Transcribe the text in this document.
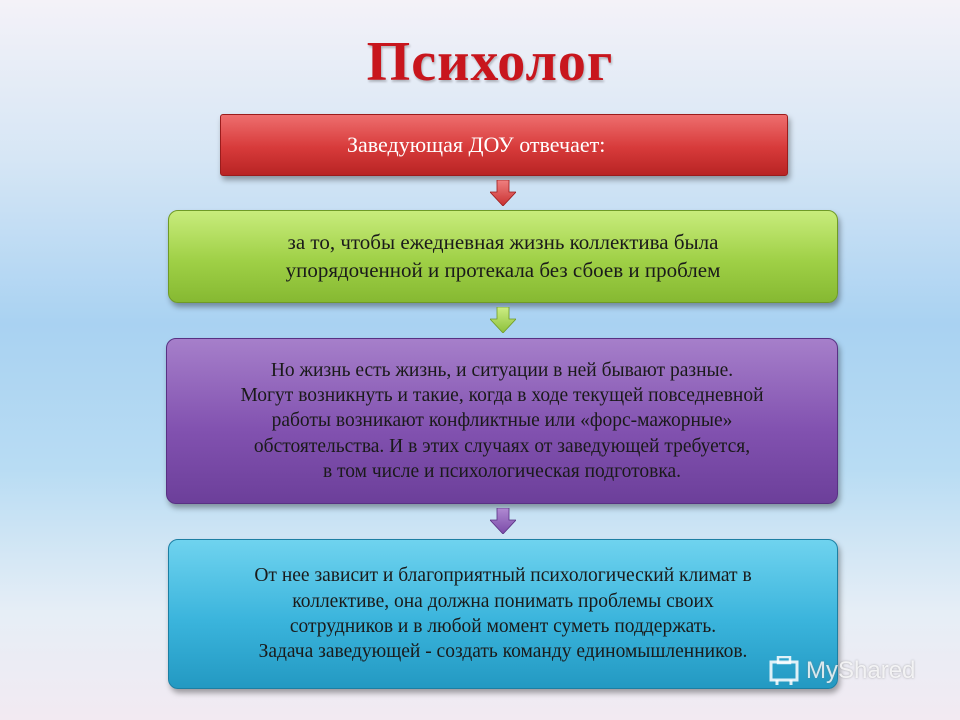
Психолог
Заведующая ДОУ отвечает:
за то, чтобы ежедневная жизнь коллектива была
упорядоченной и протекала без сбоев и проблем
Но жизнь есть жизнь, и ситуации в ней бывают разные.
Могут возникнуть и такие, когда в ходе текущей повседневной
работы возникают конфликтные или «форс-мажорные»
обстоятельства. И в этих случаях от заведующей требуется,
в том числе и психологическая подготовка.
От нее зависит и благоприятный психологический климат в
коллективе, она должна понимать проблемы своих
сотрудников и в любой момент суметь поддержать.
Задача заведующей - создать команду единомышленников.
MyShared
